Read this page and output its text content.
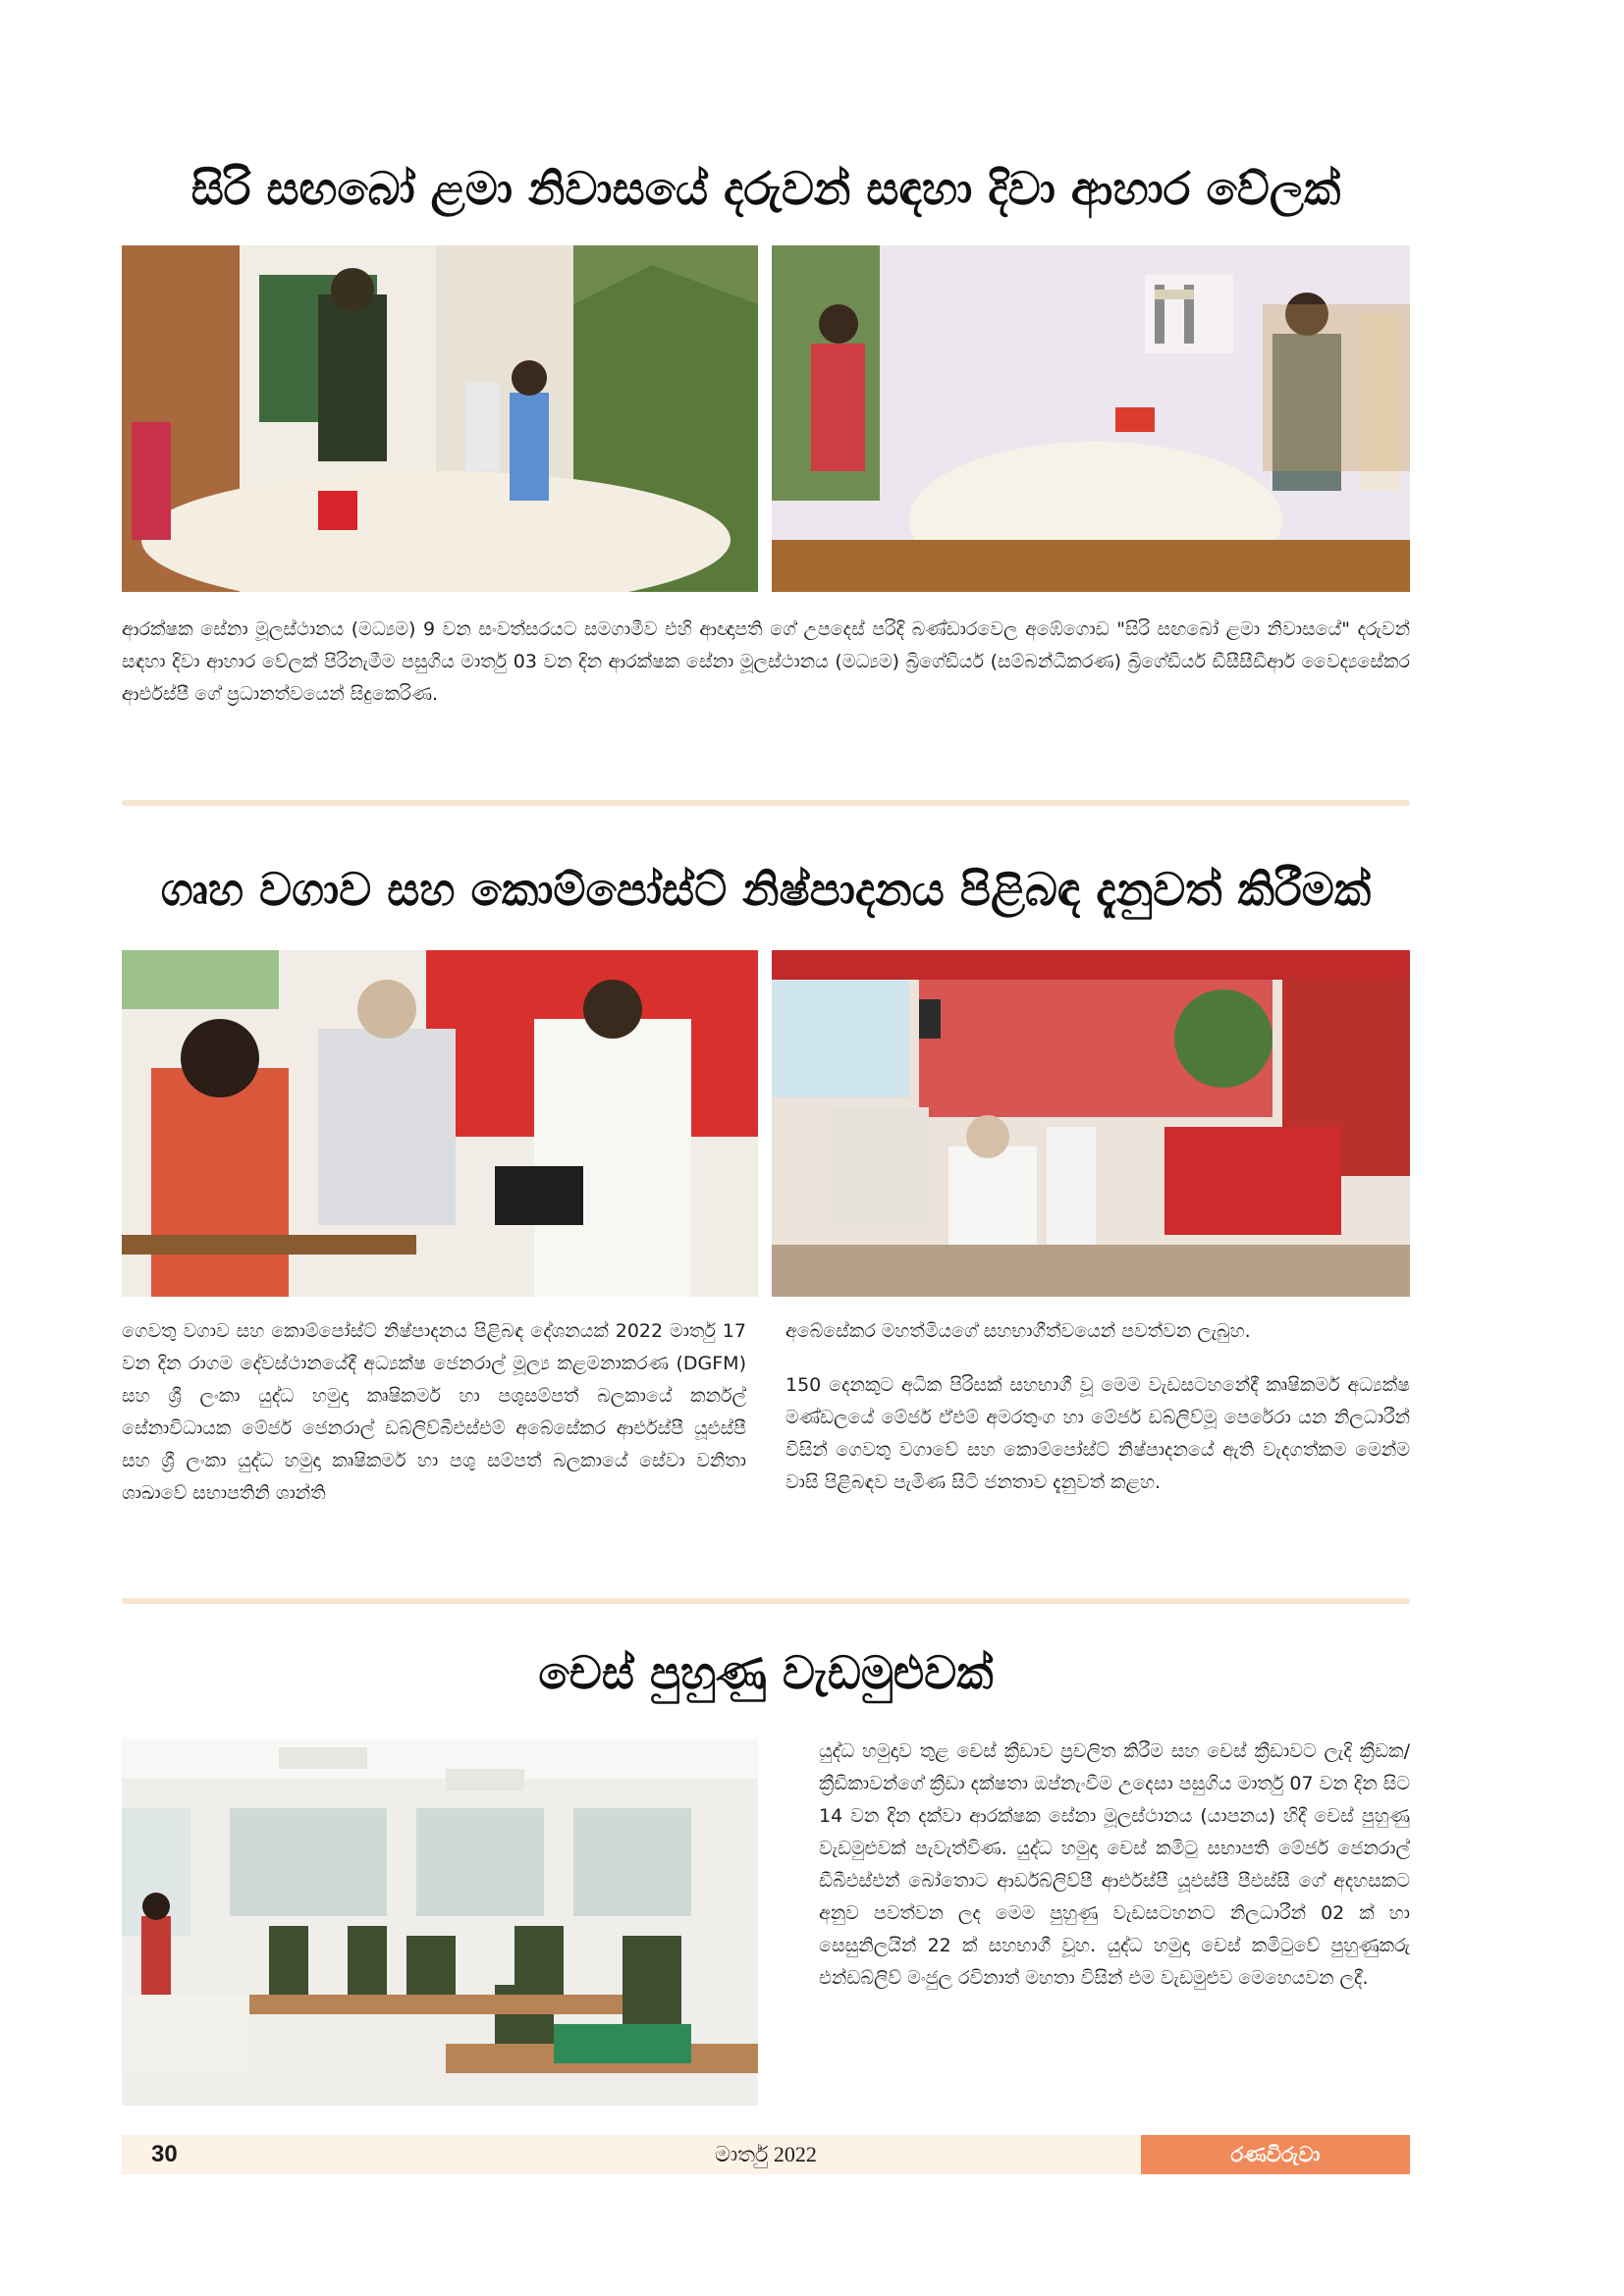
සිරි සඟබෝ ළමා නිවාසයේ දරුවන් සඳහා දිවා ආහාර වේලක්

ආරක්ෂක සේනා මූලස්ථානය (මධ්‍යම) 9 වන සංවත්සරයට සමගාමීව එහි ආඥාපති ගේ උපදෙස් පරිදි බණ්ඩාරවෙල අඹේගොඩ "සිරි සඟබෝ ළමා නිවාසයේ" දරුවන් සඳහා දිවා ආහාර වේලක් පිරිනැමීම පසුගිය මාර්තු 03 වන දින ආරක්ෂක සේනා මූලස්ථානය (මධ්‍යම) බ්‍රිගේඩියර් (සම්බන්ධීකරණ) බ්‍රිගේඩියර් ඩීසීසීඩීආර් වෛද්‍යසේකර ආර්එස්පී ගේ ප්‍රධානත්වයෙන් සිදුකෙරිණ.

ගෘහ වගාව සහ කොම්පෝස්ට් නිෂ්පාදනය පිළිබඳ දැනුවත් කිරීමක්

ගෙවතු වගාව සහ කොම්පෝස්ට් නිෂ්පාදනය පිළිබඳ දේශනයක් 2022 මාර්තු 17 වන දින රාගම දේවස්ථානයේදී අධ්‍යක්ෂ ජෙනරාල් මූල්‍ය කළමනාකරණ (DGFM) සහ ශ්‍රී ලංකා යුද්ධ හමුදා කෘෂිකර්ම හා පශුසම්පත් බලකායේ කර්නල් සේනාවිධායක මේජර් ජෙනරාල් ඩබ්ලිව්බීඑස්එම් අබේසේකර ආර්එස්පී යූඑස්පී සහ ශ්‍රී ලංකා යුද්ධ හමුදා කෘෂිකර්ම හා පශු සම්පත් බලකායේ සේවා වනිතා ශාඛාවේ සභාපතිනි ශාන්ති

අබේසේකර මහත්මියගේ සහභාගීත්වයෙන් පවත්වන ලැබුහ.

150 දෙනකුට අධික පිරිසක් සහභාගී වූ මෙම වැඩසටහනේදී කෘෂිකර්ම අධ්‍යක්ෂ මණ්ඩලයේ මේජර් ඒඑම් අමරතුංග හා මේජර් ඩබ්ලිව්මූ පෙරේරා යන නිලධාරීන් විසින් ගෙවතු වගාවේ සහ කොම්පෝස්ට් නිෂ්පාදනයේ ඇති වැදගත්කම මෙන්ම වාසි පිළිබඳව පැමිණ සිටි ජනතාව දැනුවත් කළහ.

චෙස් පුහුණු වැඩමුළුවක්

යුද්ධ හමුදාව තුළ චෙස් ක්‍රීඩාව ප්‍රචලිත කිරීම සහ චෙස් ක්‍රීඩාවට ලැදි ක්‍රීඩක/ක්‍රීඩිකාවන්ගේ ක්‍රීඩා දක්ෂතා ඔප්නැංවීම උදෙසා පසුගිය මාර්තු 07 වන දින සිට 14 වන දින දක්වා ආරක්ෂක සේනා මූලස්ථානය (යාපනය) හිදී චෙස් පුහුණු වැඩමුළුවක් පැවැත්විණ. යුද්ධ හමුදා චෙස් කමිටු සභාපති මේජර් ජෙනරාල් ඩීබීඑස්එන් බෝතොට ආර්ඩබ්ලිව්පී ආර්එස්පී යූඑස්පී පීඑස්සී ගේ අදහසකට අනුව පවත්වන ලද මෙම පුහුණු වැඩසටහනට නිලධාරීන් 02 ක් හා සෙසුනිලයින් 22 ක් සහභාගී වූහ. යුද්ධ හමුදා චෙස් කමිටුවේ පුහුණුකරු එන්ඩබ්ලිව් මංජුල රවිනාත් මහතා විසින් එම වැඩමුළුව මෙහෙයවන ලදී.

මාර්තු 2022
30	රණවිරුවා
